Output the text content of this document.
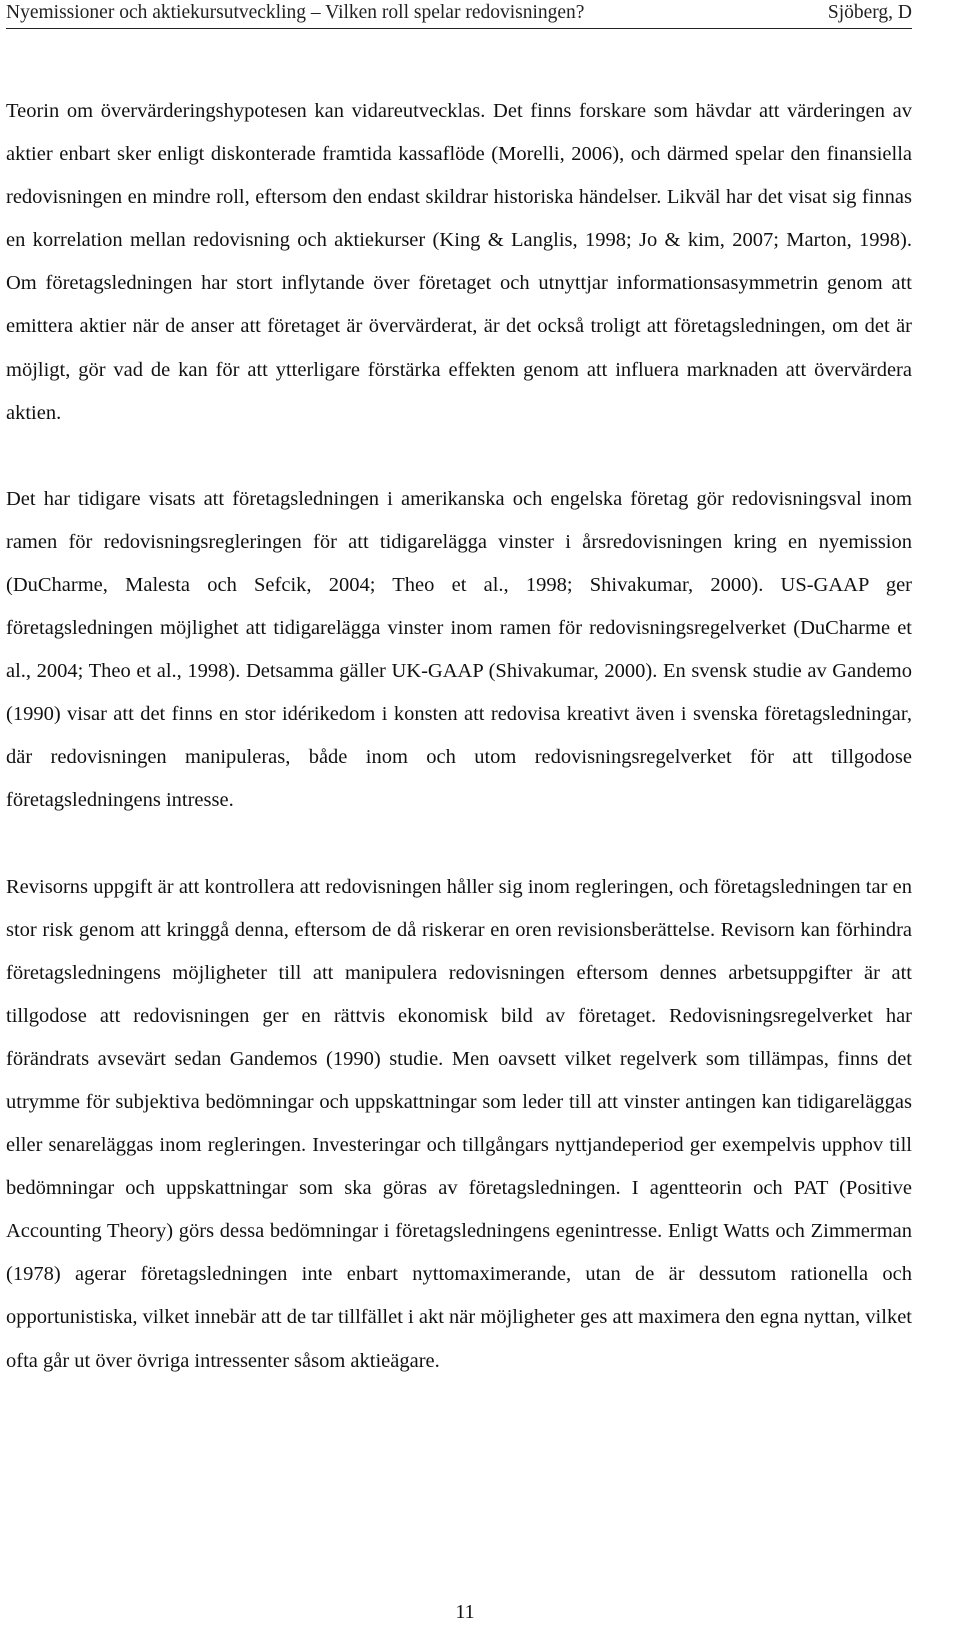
Nyemissioner och aktiekursutveckling – Vilken roll spelar redovisningen?	Sjöberg, D

Teorin om övervärderingshypotesen kan vidareutvecklas. Det finns forskare som hävdar att värderingen av aktier enbart sker enligt diskonterade framtida kassaflöde (Morelli, 2006), och därmed spelar den finansiella redovisningen en mindre roll, eftersom den endast skildrar historiska händelser. Likväl har det visat sig finnas en korrelation mellan redovisning och aktiekurser (King & Langlis, 1998; Jo & kim, 2007; Marton, 1998). Om företagsledningen har stort inflytande över företaget och utnyttjar informationsasymmetrin genom att emittera aktier när de anser att företaget är övervärderat, är det också troligt att företagsledningen, om det är möjligt, gör vad de kan för att ytterligare förstärka effekten genom att influera marknaden att övervärdera aktien.

Det har tidigare visats att företagsledningen i amerikanska och engelska företag gör redovisningsval inom ramen för redovisningsregleringen för att tidigarelägga vinster i årsredovisningen kring en nyemission (DuCharme, Malesta och Sefcik, 2004; Theo et al., 1998; Shivakumar, 2000). US-GAAP ger företagsledningen möjlighet att tidigarelägga vinster inom ramen för redovisningsregelverket (DuCharme et al., 2004; Theo et al., 1998). Detsamma gäller UK-GAAP (Shivakumar, 2000). En svensk studie av Gandemo (1990) visar att det finns en stor idérikedom i konsten att redovisa kreativt även i svenska företagsledningar, där redovisningen manipuleras, både inom och utom redovisningsregelverket för att tillgodose företagsledningens intresse.

Revisorns uppgift är att kontrollera att redovisningen håller sig inom regleringen, och företagsledningen tar en stor risk genom att kringgå denna, eftersom de då riskerar en oren revisionsberättelse. Revisorn kan förhindra företagsledningens möjligheter till att manipulera redovisningen eftersom dennes arbetsuppgifter är att tillgodose att redovisningen ger en rättvis ekonomisk bild av företaget. Redovisningsregelverket har förändrats avsevärt sedan Gandemos (1990) studie. Men oavsett vilket regelverk som tillämpas, finns det utrymme för subjektiva bedömningar och uppskattningar som leder till att vinster antingen kan tidigareläggas eller senareläggas inom regleringen. Investeringar och tillgångars nyttjandeperiod ger exempelvis upphov till bedömningar och uppskattningar som ska göras av företagsledningen. I agentteorin och PAT (Positive Accounting Theory) görs dessa bedömningar i företagsledningens egenintresse. Enligt Watts och Zimmerman (1978) agerar företagsledningen inte enbart nyttomaximerande, utan de är dessutom rationella och opportunistiska, vilket innebär att de tar tillfället i akt när möjligheter ges att maximera den egna nyttan, vilket ofta går ut över övriga intressenter såsom aktieägare.

11
